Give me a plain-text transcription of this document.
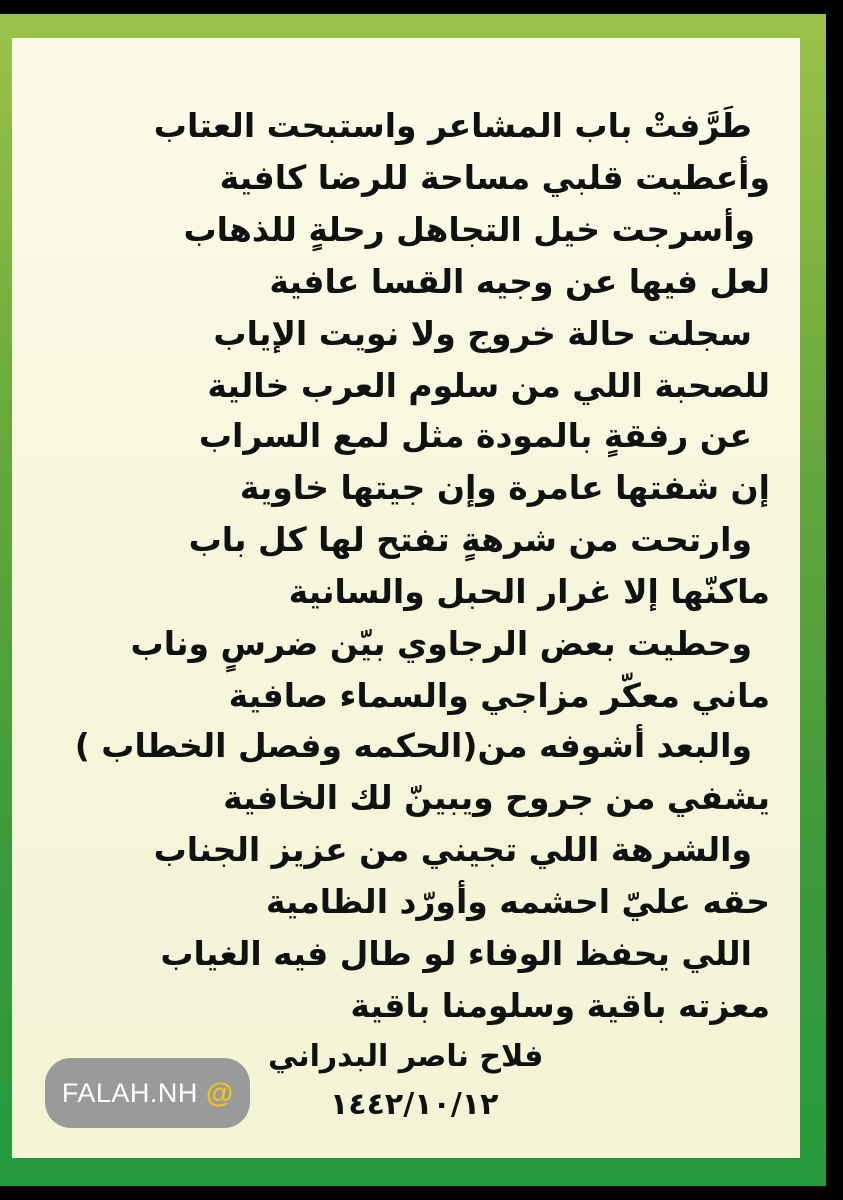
طَرَّفتْ باب المشاعر واستبحت العتاب
وأعطيت قلبي مساحة للرضا كافية
وأسرجت خيل التجاهل رحلةٍ للذهاب
لعل فيها عن وجيه القسا عافية
سجلت حالة خروج ولا نويت الإياب
للصحبة اللي من سلوم العرب خالية
عن رفقةٍ بالمودة مثل لمع السراب
إن شفتها عامرة وإن جيتها خاوية
وارتحت من شرهةٍ تفتح لها كل باب
ماكنّها إلا غرار الحبل والسانية
وحطيت بعض الرجاوي بيّن ضرسٍ وناب
ماني معكّر مزاجي والسماء صافية
والبعد أشوفه من(الحكمه وفصل الخطاب )
يشفي من جروح ويبينّ لك الخافية
والشرهة اللي تجيني من عزيز الجناب
حقه عليّ احشمه وأورّد الظامية
اللي يحفظ الوفاء لو طال فيه الغياب
معزته باقية وسلومنا باقية
فلاح ناصر البدراني
١٤٤٢/١٠/١٢
FALAH.NH @
